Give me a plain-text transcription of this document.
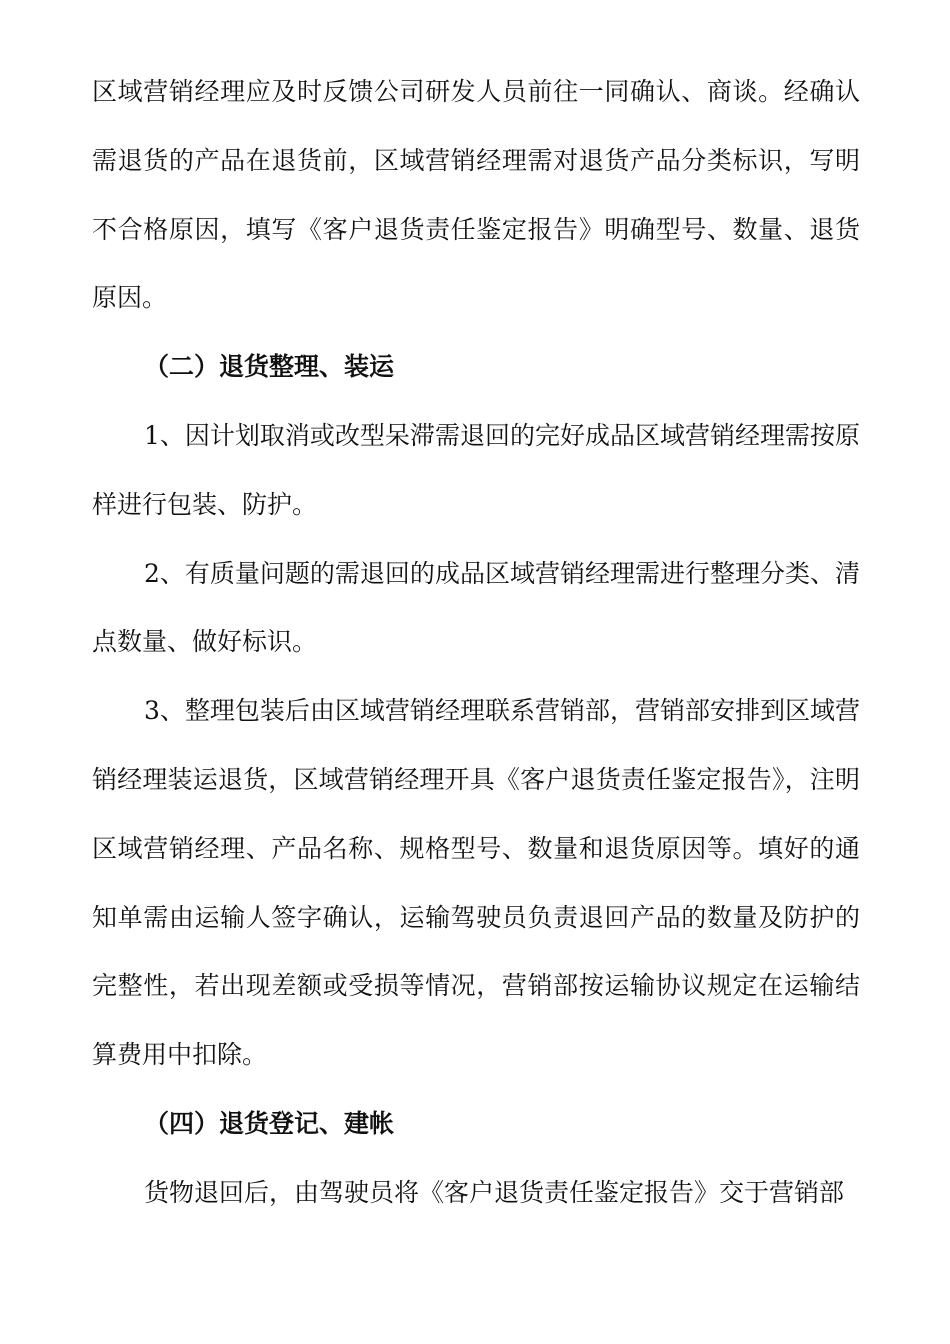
区域营销经理应及时反馈公司研发人员前往一同确认、商谈。经确认需退货的产品在退货前，区域营销经理需对退货产品分类标识，写明不合格原因，填写《客户退货责任鉴定报告》明确型号、数量、退货原因。

（二）退货整理、装运

1、因计划取消或改型呆滞需退回的完好成品区域营销经理需按原样进行包装、防护。

2、有质量问题的需退回的成品区域营销经理需进行整理分类、清点数量、做好标识。

3、整理包装后由区域营销经理联系营销部，营销部安排到区域营销经理装运退货，区域营销经理开具《客户退货责任鉴定报告》，注明区域营销经理、产品名称、规格型号、数量和退货原因等。填好的通知单需由运输人签字确认，运输驾驶员负责退回产品的数量及防护的完整性，若出现差额或受损等情况，营销部按运输协议规定在运输结算费用中扣除。

（四）退货登记、建帐

货物退回后，由驾驶员将《客户退货责任鉴定报告》交于营销部
